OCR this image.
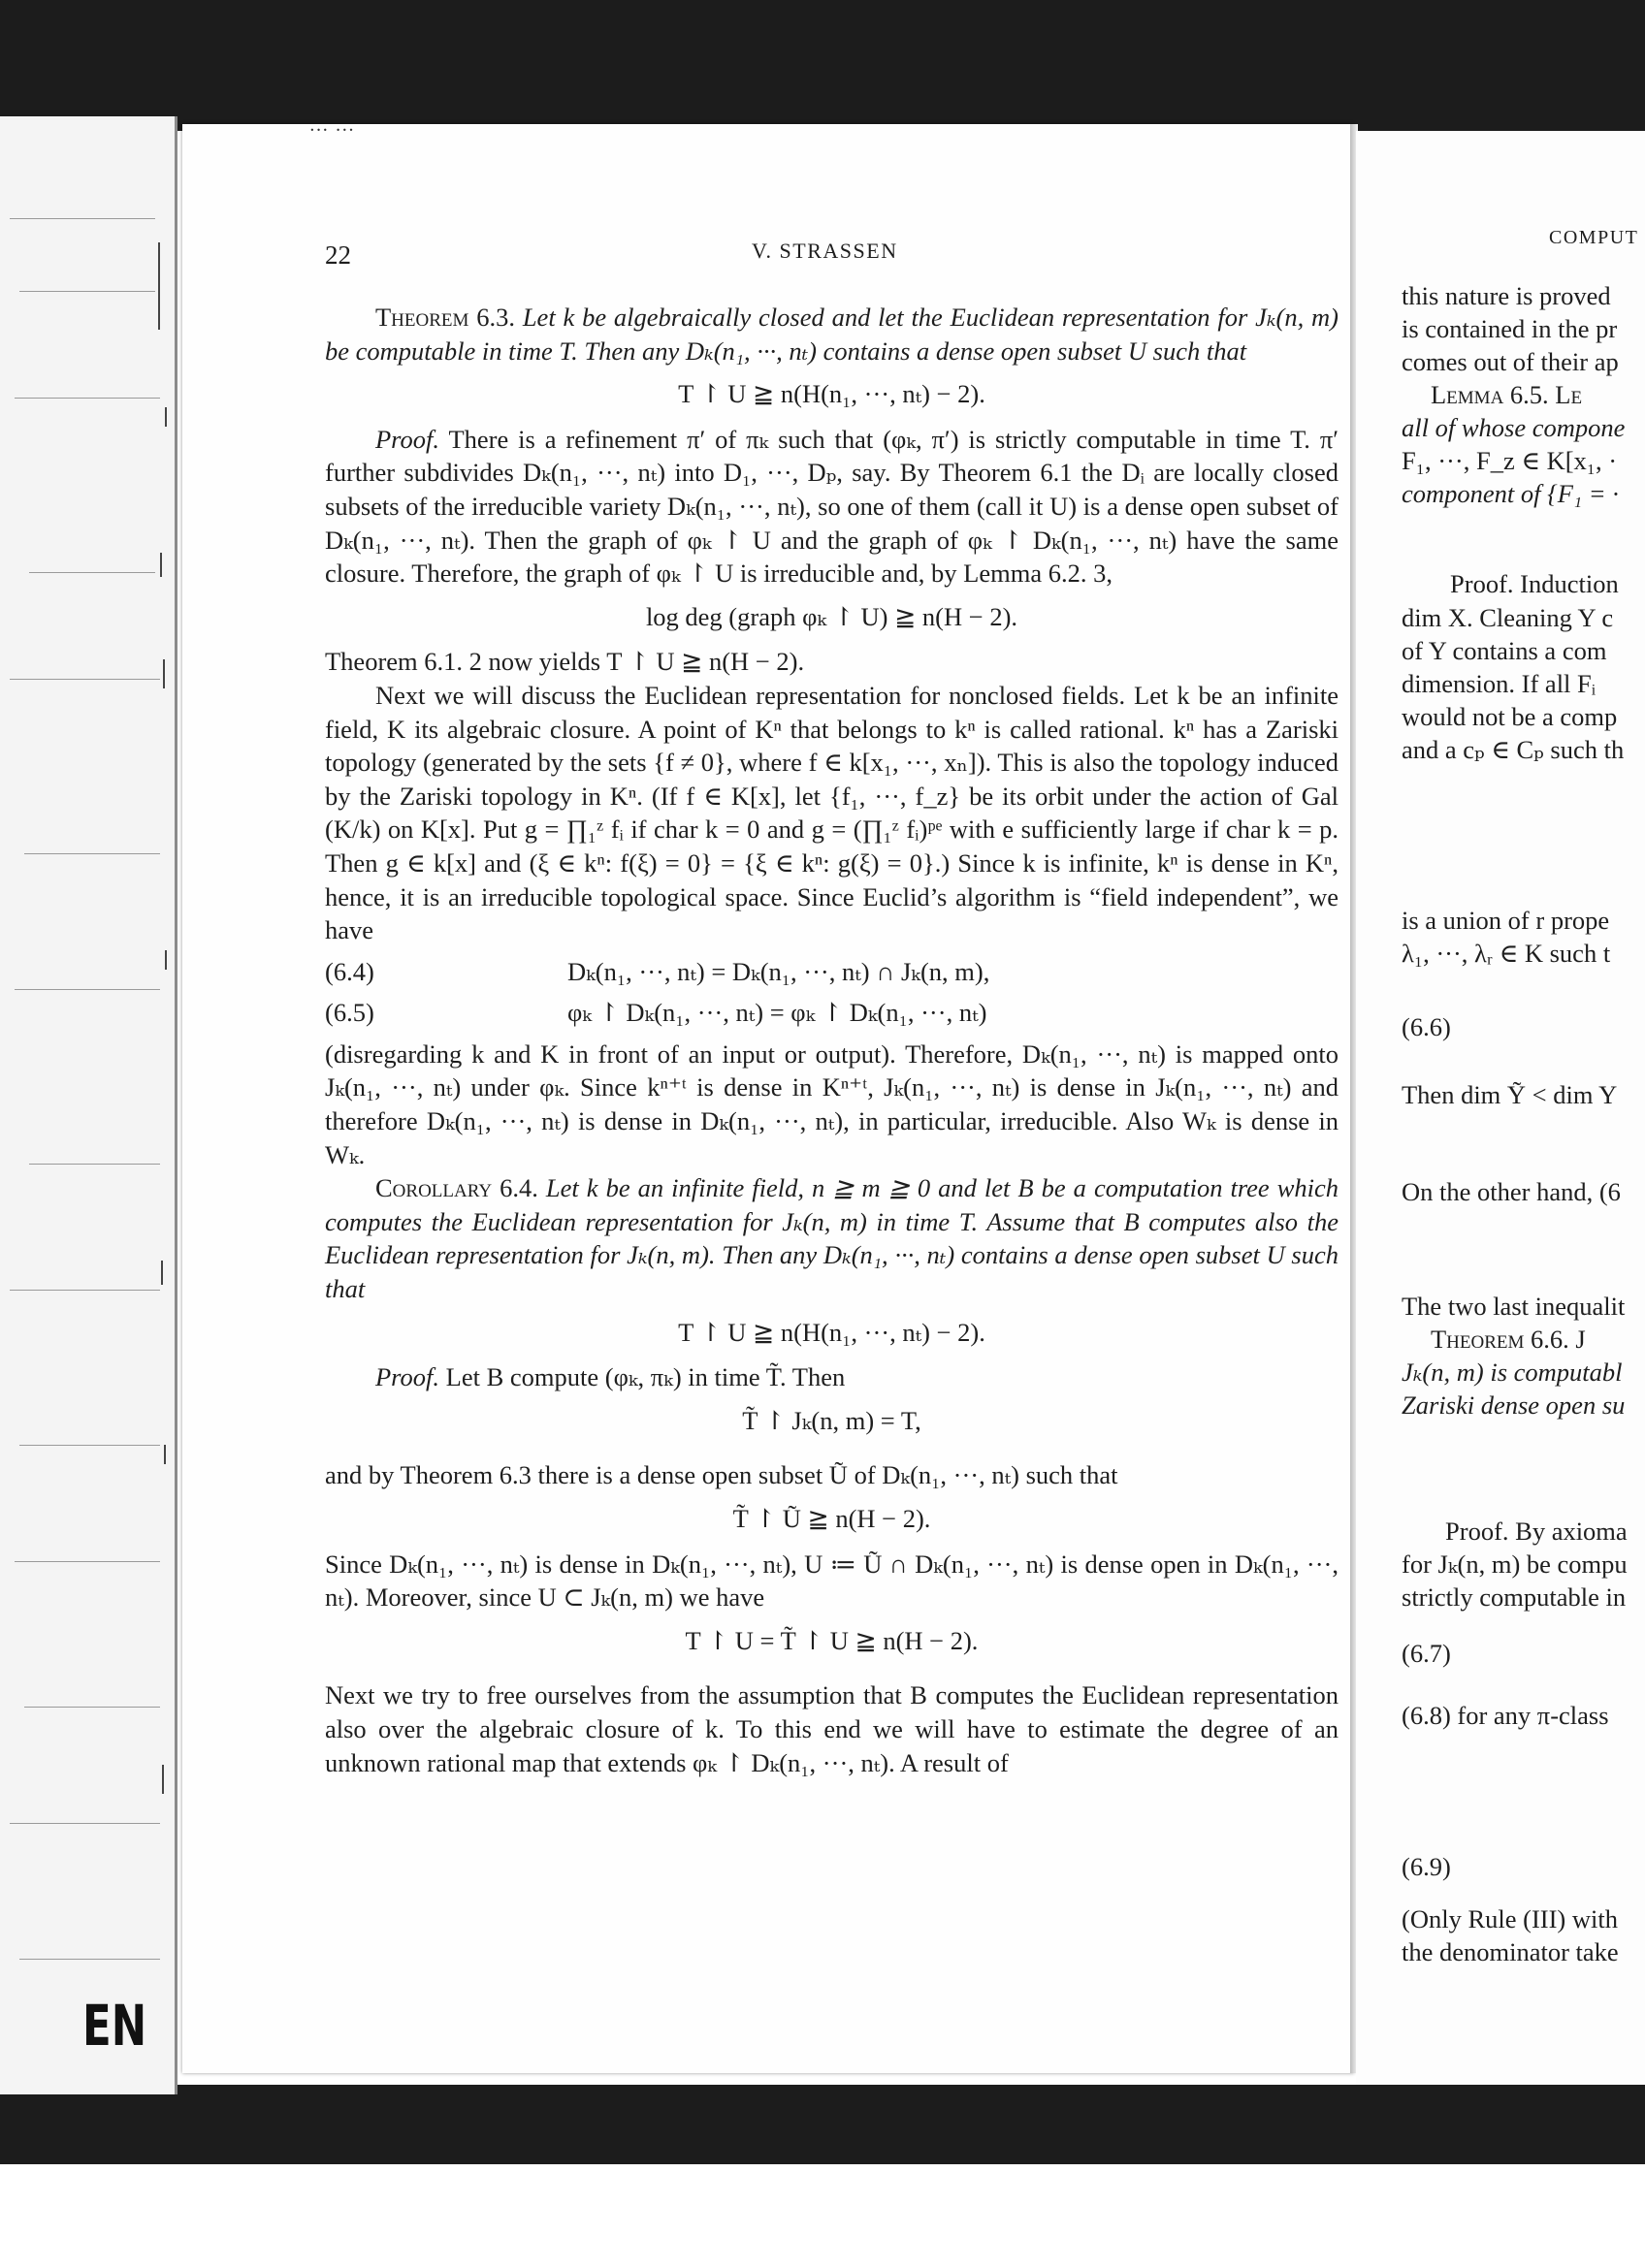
EN
… …
22	V. STRASSEN

Theorem 6.3. Let k be algebraically closed and let the Euclidean representation for Jₖ(n, m) be computable in time T. Then any Dₖ(n₁, ···, nₜ) contains a dense open subset U such that

T ↾ U ≧ n(H(n₁, ···, nₜ) − 2).

Proof. There is a refinement π′ of πₖ such that (φₖ, π′) is strictly computable in time T. π′ further subdivides Dₖ(n₁, ···, nₜ) into D₁, ···, Dₚ, say. By Theorem 6.1 the Dᵢ are locally closed subsets of the irreducible variety Dₖ(n₁, ···, nₜ), so one of them (call it U) is a dense open subset of Dₖ(n₁, ···, nₜ). Then the graph of φₖ ↾ U and the graph of φₖ ↾ Dₖ(n₁, ···, nₜ) have the same closure. Therefore, the graph of φₖ ↾ U is irreducible and, by Lemma 6.2. 3,

log deg (graph φₖ ↾ U) ≧ n(H − 2).

Theorem 6.1. 2 now yields T ↾ U ≧ n(H − 2).

Next we will discuss the Euclidean representation for nonclosed fields. Let k be an infinite field, K its algebraic closure. A point of Kⁿ that belongs to kⁿ is called rational. kⁿ has a Zariski topology (generated by the sets {f ≠ 0}, where f ∈ k[x₁, ···, xₙ]). This is also the topology induced by the Zariski topology in Kⁿ. (If f ∈ K[x], let {f₁, ···, f_z} be its orbit under the action of Gal (K/k) on K[x]. Put g = ∏₁ᶻ fᵢ if char k = 0 and g = (∏₁ᶻ fᵢ)ᵖᵉ with e sufficiently large if char k = p. Then g ∈ k[x] and (ξ ∈ kⁿ: f(ξ) = 0} = {ξ ∈ kⁿ: g(ξ) = 0}.) Since k is infinite, kⁿ is dense in Kⁿ, hence, it is an irreducible topological space. Since Euclid’s algorithm is “field independent”, we have

(6.4)	Dₖ(n₁, ···, nₜ) = Dₖ(n₁, ···, nₜ) ∩ Jₖ(n, m),
(6.5)	φₖ ↾ Dₖ(n₁, ···, nₜ) = φₖ ↾ Dₖ(n₁, ···, nₜ)

(disregarding k and K in front of an input or output). Therefore, Dₖ(n₁, ···, nₜ) is mapped onto Jₖ(n₁, ···, nₜ) under φₖ. Since kⁿ⁺ᵗ is dense in Kⁿ⁺ᵗ, Jₖ(n₁, ···, nₜ) is dense in Jₖ(n₁, ···, nₜ) and therefore Dₖ(n₁, ···, nₜ) is dense in Dₖ(n₁, ···, nₜ), in particular, irreducible. Also Wₖ is dense in Wₖ.

Corollary 6.4. Let k be an infinite field, n ≧ m ≧ 0 and let B be a computation tree which computes the Euclidean representation for Jₖ(n, m) in time T. Assume that B computes also the Euclidean representation for Jₖ(n, m). Then any Dₖ(n₁, ···, nₜ) contains a dense open subset U such that

T ↾ U ≧ n(H(n₁, ···, nₜ) − 2).

Proof. Let B compute (φₖ, πₖ) in time T̃. Then

T̃ ↾ Jₖ(n, m) = T,

and by Theorem 6.3 there is a dense open subset Ũ of Dₖ(n₁, ···, nₜ) such that

T̃ ↾ Ũ ≧ n(H − 2).

Since Dₖ(n₁, ···, nₜ) is dense in Dₖ(n₁, ···, nₜ), U ≔ Ũ ∩ Dₖ(n₁, ···, nₜ) is dense open in Dₖ(n₁, ···, nₜ). Moreover, since U ⊂ Jₖ(n, m) we have

T ↾ U = T̃ ↾ U ≧ n(H − 2).

Next we try to free ourselves from the assumption that B computes the Euclidean representation also over the algebraic closure of k. To this end we will have to estimate the degree of an unknown rational map that extends φₖ ↾ Dₖ(n₁, ···, nₜ). A result of

COMPUT
this nature is proved
is contained in the pr
comes out of their ap
Lemma 6.5. Le
all of whose compone
F₁, ···, F_z ∈ K[x₁, ·
component of {F₁ = ·
Proof. Induction
dim X. Cleaning Y c
of Y contains a com
dimension. If all Fᵢ
would not be a comp
and a cₚ ∈ Cₚ such th
is a union of r prope
λ₁, ···, λᵣ ∈ K such t
(6.6)
Then dim Ỹ < dim Y
On the other hand, (6
The two last inequalit
Theorem 6.6. J
Jₖ(n, m) is computabl
Zariski dense open su
Proof. By axioma
for Jₖ(n, m) be compu
strictly computable in
(6.7)
(6.8) for any π-class
(6.9)
(Only Rule (III) with
the denominator take
